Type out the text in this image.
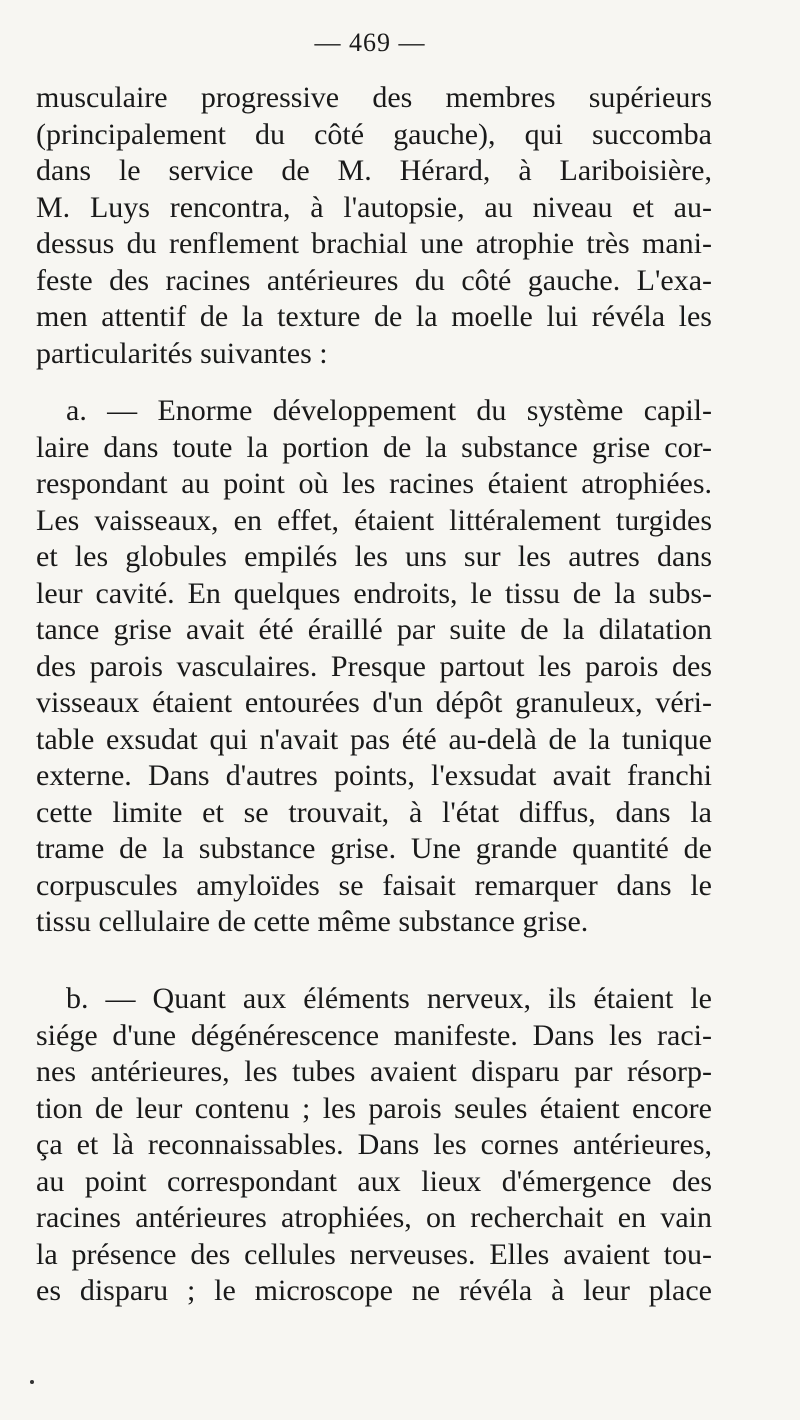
— 469 —
musculaire progressive des membres supérieurs
(principalement du côté gauche), qui succomba
dans le service de M. Hérard, à Lariboisière,
M. Luys rencontra, à l'autopsie, au niveau et au-
dessus du renflement brachial une atrophie très mani-
feste des racines antérieures du côté gauche. L'exa-
men attentif de la texture de la moelle lui révéla les
particularités suivantes :
a. — Enorme développement du système capil-
laire dans toute la portion de la substance grise cor-
respondant au point où les racines étaient atrophiées.
Les vaisseaux, en effet, étaient littéralement turgides
et les globules empilés les uns sur les autres dans
leur cavité. En quelques endroits, le tissu de la subs-
tance grise avait été éraillé par suite de la dilatation
des parois vasculaires. Presque partout les parois des
visseaux étaient entourées d'un dépôt granuleux, véri-
table exsudat qui n'avait pas été au-delà de la tunique
externe. Dans d'autres points, l'exsudat avait franchi
cette limite et se trouvait, à l'état diffus, dans la
trame de la substance grise. Une grande quantité de
corpuscules amyloïdes se faisait remarquer dans le
tissu cellulaire de cette même substance grise.
b. — Quant aux éléments nerveux, ils étaient le
siége d'une dégénérescence manifeste. Dans les raci-
nes antérieures, les tubes avaient disparu par résorp-
tion de leur contenu ; les parois seules étaient encore
ça et là reconnaissables. Dans les cornes antérieures,
au point correspondant aux lieux d'émergence des
racines antérieures atrophiées, on recherchait en vain
la présence des cellules nerveuses. Elles avaient tou-
es disparu ; le microscope ne révéla à leur place
